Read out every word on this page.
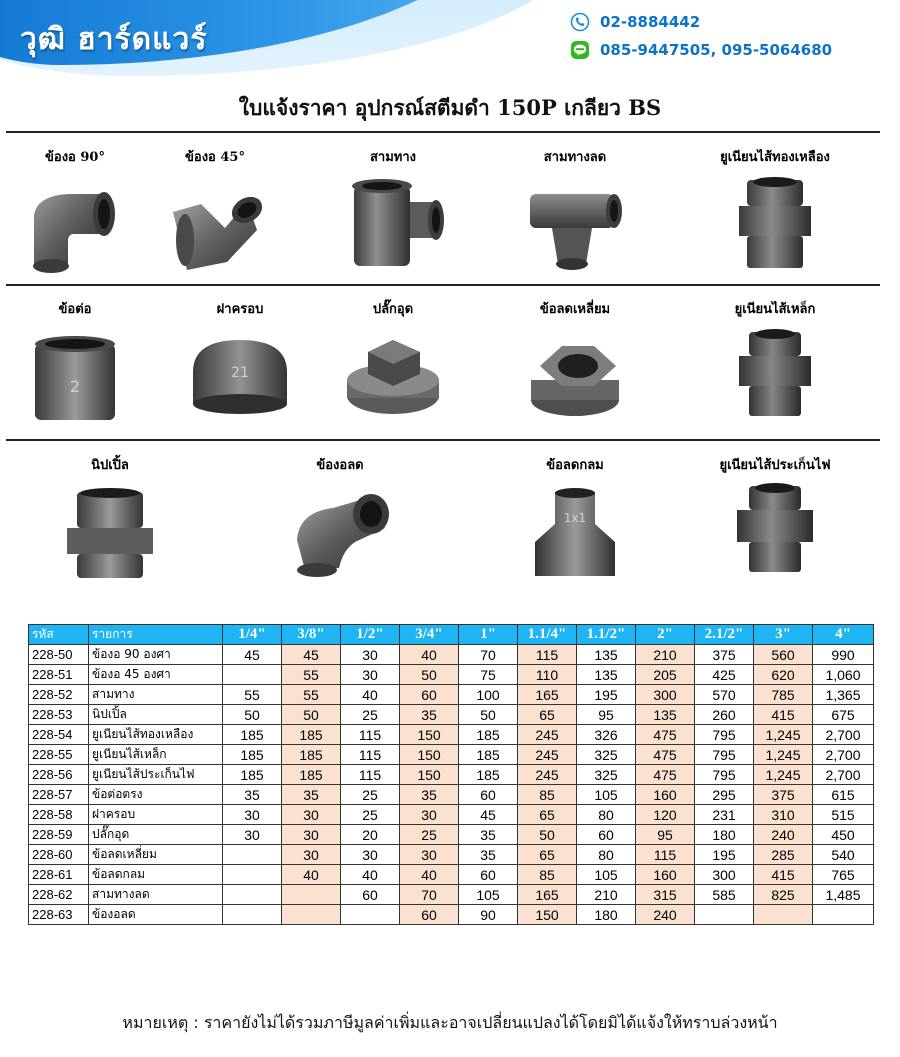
วุฒิ ฮาร์ดแวร์	02-8884442
085-9447505, 095-5064680
ใบแจ้งราคา อุปกรณ์สตีมดำ 150P เกลียว BS
ข้องอ 90°	ข้องอ 45°	สามทาง	สามทางลด	ยูเนียนไส้ทองเหลือง
ข้อต่อ
2
ฝาครอบ
21
ปลั๊กอุด	ข้อลดเหลี่ยม	ยูเนียนไส้เหล็ก
นิปเปิ้ล	ข้องอลด	ข้อลดกลม
1x1
ยูเนียนไส้ประเก็นไฟ
รหัส	รายการ	1/4"	3/8"	1/2"	3/4"	1"	1.1/4"	1.1/2"	2"	2.1/2"	3"	4"
228-50	ข้องอ 90 องศา	45	45	30	40	70	115	135	210	375	560	990
228-51	ข้องอ 45 องศา		55	30	50	75	110	135	205	425	620	1,060
228-52	สามทาง	55	55	40	60	100	165	195	300	570	785	1,365
228-53	นิปเปิ้ล	50	50	25	35	50	65	95	135	260	415	675
228-54	ยูเนียนไส้ทองเหลือง	185	185	115	150	185	245	326	475	795	1,245	2,700
228-55	ยูเนียนไส้เหล็ก	185	185	115	150	185	245	325	475	795	1,245	2,700
228-56	ยูเนียนไส้ประเก็นไฟ	185	185	115	150	185	245	325	475	795	1,245	2,700
228-57	ข้อต่อตรง	35	35	25	35	60	85	105	160	295	375	615
228-58	ฝาครอบ	30	30	25	30	45	65	80	120	231	310	515
228-59	ปลั๊กอุด	30	30	20	25	35	50	60	95	180	240	450
228-60	ข้อลดเหลี่ยม		30	30	30	35	65	80	115	195	285	540
228-61	ข้อลดกลม		40	40	40	60	85	105	160	300	415	765
228-62	สามทางลด			60	70	105	165	210	315	585	825	1,485
228-63	ข้องอลด				60	90	150	180	240			
หมายเหตุ : ราคายังไม่ได้รวมภาษีมูลค่าเพิ่มและอาจเปลี่ยนแปลงได้โดยมิได้แจ้งให้ทราบล่วงหน้า
